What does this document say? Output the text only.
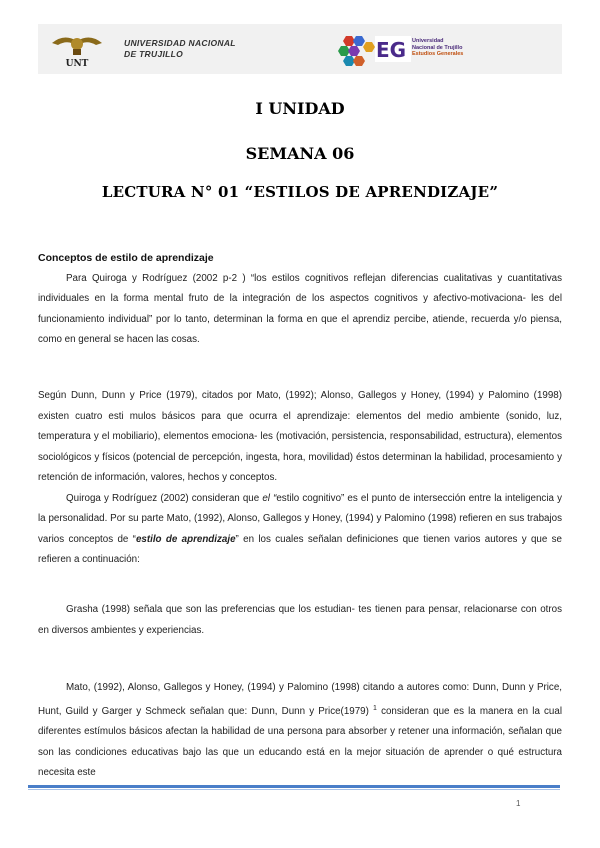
UNT
UNIVERSIDAD NACIONAL
DE TRUJILLO	EG Universidad
Nacional de Trujillo
Estudios Generales
I UNIDAD
SEMANA 06
LECTURA N° 01 “ESTILOS DE APRENDIZAJE”

Conceptos de estilo de aprendizaje

Para Quiroga y Rodríguez (2002 p-2 ) “los estilos cognitivos reflejan diferencias cualitativas y cuantitativas individuales en la forma mental fruto de la integración de los aspectos cognitivos y afectivo-motivaciona- les del funcionamiento individual” por lo tanto, determinan la forma en que el aprendiz percibe, atiende, recuerda y/o piensa, como en general se hacen las cosas.

Según Dunn, Dunn y Price (1979), citados por Mato, (1992); Alonso, Gallegos y Honey, (1994) y Palomino (1998) existen cuatro esti mulos básicos para que ocurra el aprendizaje: elementos del medio ambiente (sonido, luz, temperatura y el mobiliario), elementos emociona- les (motivación, persistencia, responsabilidad, estructura), elementos sociológicos y físicos (potencial de percepción, ingesta, hora, movilidad) éstos determinan la habilidad, procesamiento y retención de información, valores, hechos y conceptos.

Quiroga y Rodríguez (2002) consideran que el “estilo cognitivo” es el punto de intersección entre la inteligencia y la personalidad. Por su parte Mato, (1992), Alonso, Gallegos y Honey, (1994) y Palomino (1998) refieren en sus trabajos varios conceptos de “estilo de aprendizaje” en los cuales señalan definiciones que tienen varios autores y que se refieren a continuación:

Grasha (1998) señala que son las preferencias que los estudian- tes tienen para pensar, relacionarse con otros en diversos ambientes y experiencias.

Mato, (1992), Alonso, Gallegos y Honey, (1994) y Palomino (1998) citando a autores como: Dunn, Dunn y Price, Hunt, Guild y Garger y Schmeck señalan que: Dunn, Dunn y Price(1979) $^1$ consideran que es la manera en la cual diferentes estímulos básicos afectan la habilidad de una persona para absorber y retener una información, señalan que son las condiciones educativas bajo las que un educando está en la mejor situación de aprender o qué estructura necesita este

1
